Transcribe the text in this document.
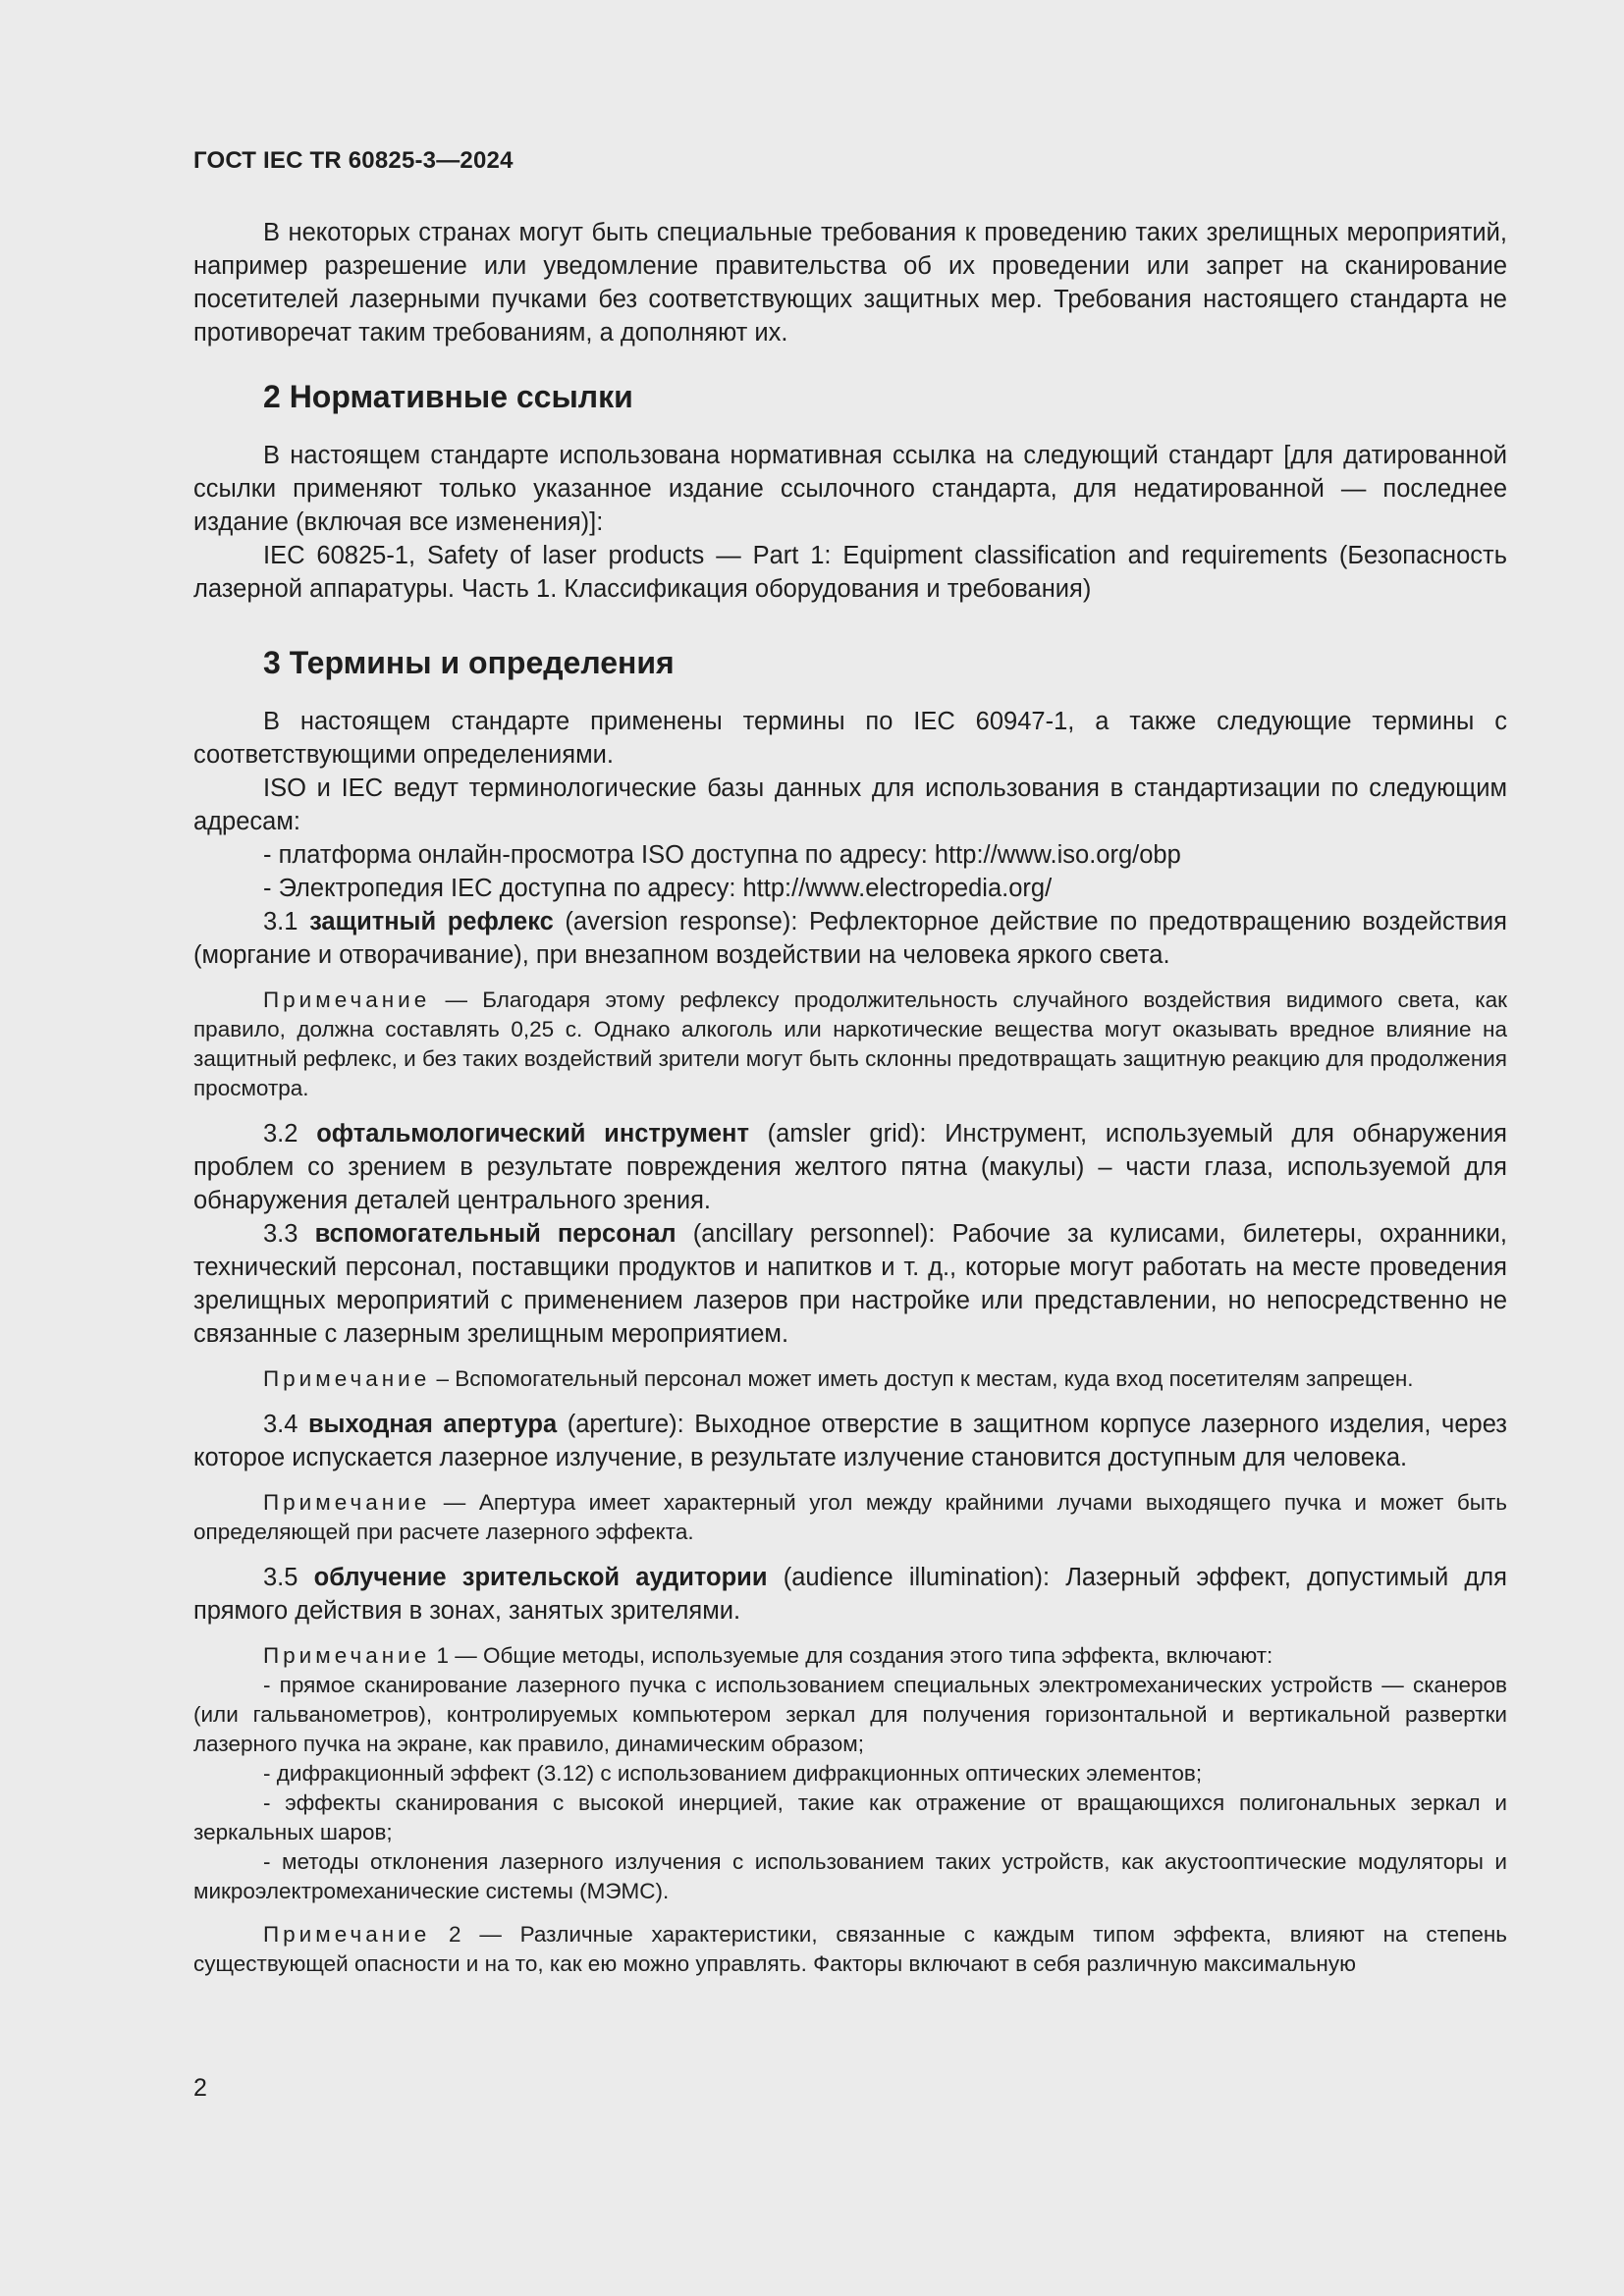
ГОСТ IEC TR 60825-3—2024

В некоторых странах могут быть специальные требования к проведению таких зрелищных мероприятий, например разрешение или уведомление правительства об их проведении или запрет на сканирование посетителей лазерными пучками без соответствующих защитных мер. Требования настоящего стандарта не противоречат таким требованиям, а дополняют их.

2 Нормативные ссылки

В настоящем стандарте использована нормативная ссылка на следующий стандарт [для датированной ссылки применяют только указанное издание ссылочного стандарта, для недатированной — последнее издание (включая все изменения)]:

IEC 60825-1, Safety of laser products — Part 1: Equipment classification and requirements (Безопасность лазерной аппаратуры. Часть 1. Классификация оборудования и требования)

3 Термины и определения

В настоящем стандарте применены термины по IEC 60947-1, а также следующие термины с соответствующими определениями.

ISO и IEC ведут терминологические базы данных для использования в стандартизации по следующим адресам:

- платформа онлайн-просмотра ISO доступна по адресу: http://www.iso.org/obp

- Электропедия IEC доступна по адресу: http://www.electropedia.org/

3.1 защитный рефлекс (aversion response): Рефлекторное действие по предотвращению воздействия (моргание и отворачивание), при внезапном воздействии на человека яркого света.

Примечание — Благодаря этому рефлексу продолжительность случайного воздействия видимого света, как правило, должна составлять 0,25 с. Однако алкоголь или наркотические вещества могут оказывать вредное влияние на защитный рефлекс, и без таких воздействий зрители могут быть склонны предотвращать защитную реакцию для продолжения просмотра.

3.2 офтальмологический инструмент (amsler grid): Инструмент, используемый для обнаружения проблем со зрением в результате повреждения желтого пятна (макулы) – части глаза, используемой для обнаружения деталей центрального зрения.

3.3 вспомогательный персонал (ancillary personnel): Рабочие за кулисами, билетеры, охранники, технический персонал, поставщики продуктов и напитков и т. д., которые могут работать на месте проведения зрелищных мероприятий с применением лазеров при настройке или представлении, но непосредственно не связанные с лазерным зрелищным мероприятием.

Примечание – Вспомогательный персонал может иметь доступ к местам, куда вход посетителям запрещен.

3.4 выходная апертура (aperture): Выходное отверстие в защитном корпусе лазерного изделия, через которое испускается лазерное излучение, в результате излучение становится доступным для человека.

Примечание — Апертура имеет характерный угол между крайними лучами выходящего пучка и может быть определяющей при расчете лазерного эффекта.

3.5 облучение зрительской аудитории (audience illumination): Лазерный эффект, допустимый для прямого действия в зонах, занятых зрителями.

Примечание 1 — Общие методы, используемые для создания этого типа эффекта, включают:

- прямое сканирование лазерного пучка с использованием специальных электромеханических устройств — сканеров (или гальванометров), контролируемых компьютером зеркал для получения горизонтальной и вертикальной развертки лазерного пучка на экране, как правило, динамическим образом;

- дифракционный эффект (3.12) с использованием дифракционных оптических элементов;

- эффекты сканирования с высокой инерцией, такие как отражение от вращающихся полигональных зеркал и зеркальных шаров;

- методы отклонения лазерного излучения с использованием таких устройств, как акустооптические модуляторы и микроэлектромеханические системы (МЭМС).

Примечание 2 — Различные характеристики, связанные с каждым типом эффекта, влияют на степень существующей опасности и на то, как ею можно управлять. Факторы включают в себя различную максимальную

2
